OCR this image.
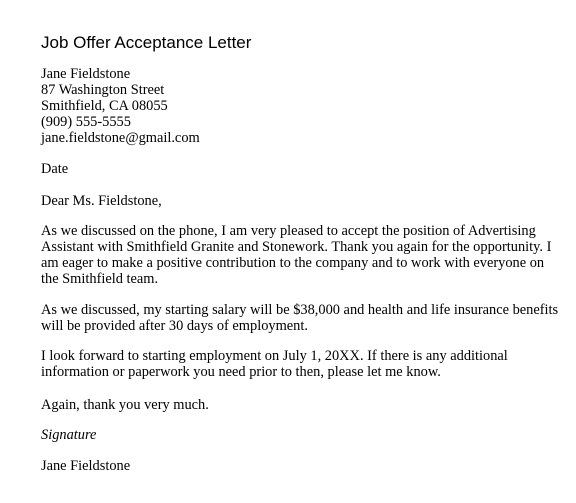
Job Offer Acceptance Letter
Jane Fieldstone
87 Washington Street
Smithfield, CA 08055
(909) 555-5555
jane.fieldstone@gmail.com
Date
Dear Ms. Fieldstone,
As we discussed on the phone, I am very pleased to accept the position of Advertising
Assistant with Smithfield Granite and Stonework. Thank you again for the opportunity. I
am eager to make a positive contribution to the company and to work with everyone on
the Smithfield team.
As we discussed, my starting salary will be $38,000 and health and life insurance benefits
will be provided after 30 days of employment.
I look forward to starting employment on July 1, 20XX. If there is any additional
information or paperwork you need prior to then, please let me know.
Again, thank you very much.
Signature
Jane Fieldstone
